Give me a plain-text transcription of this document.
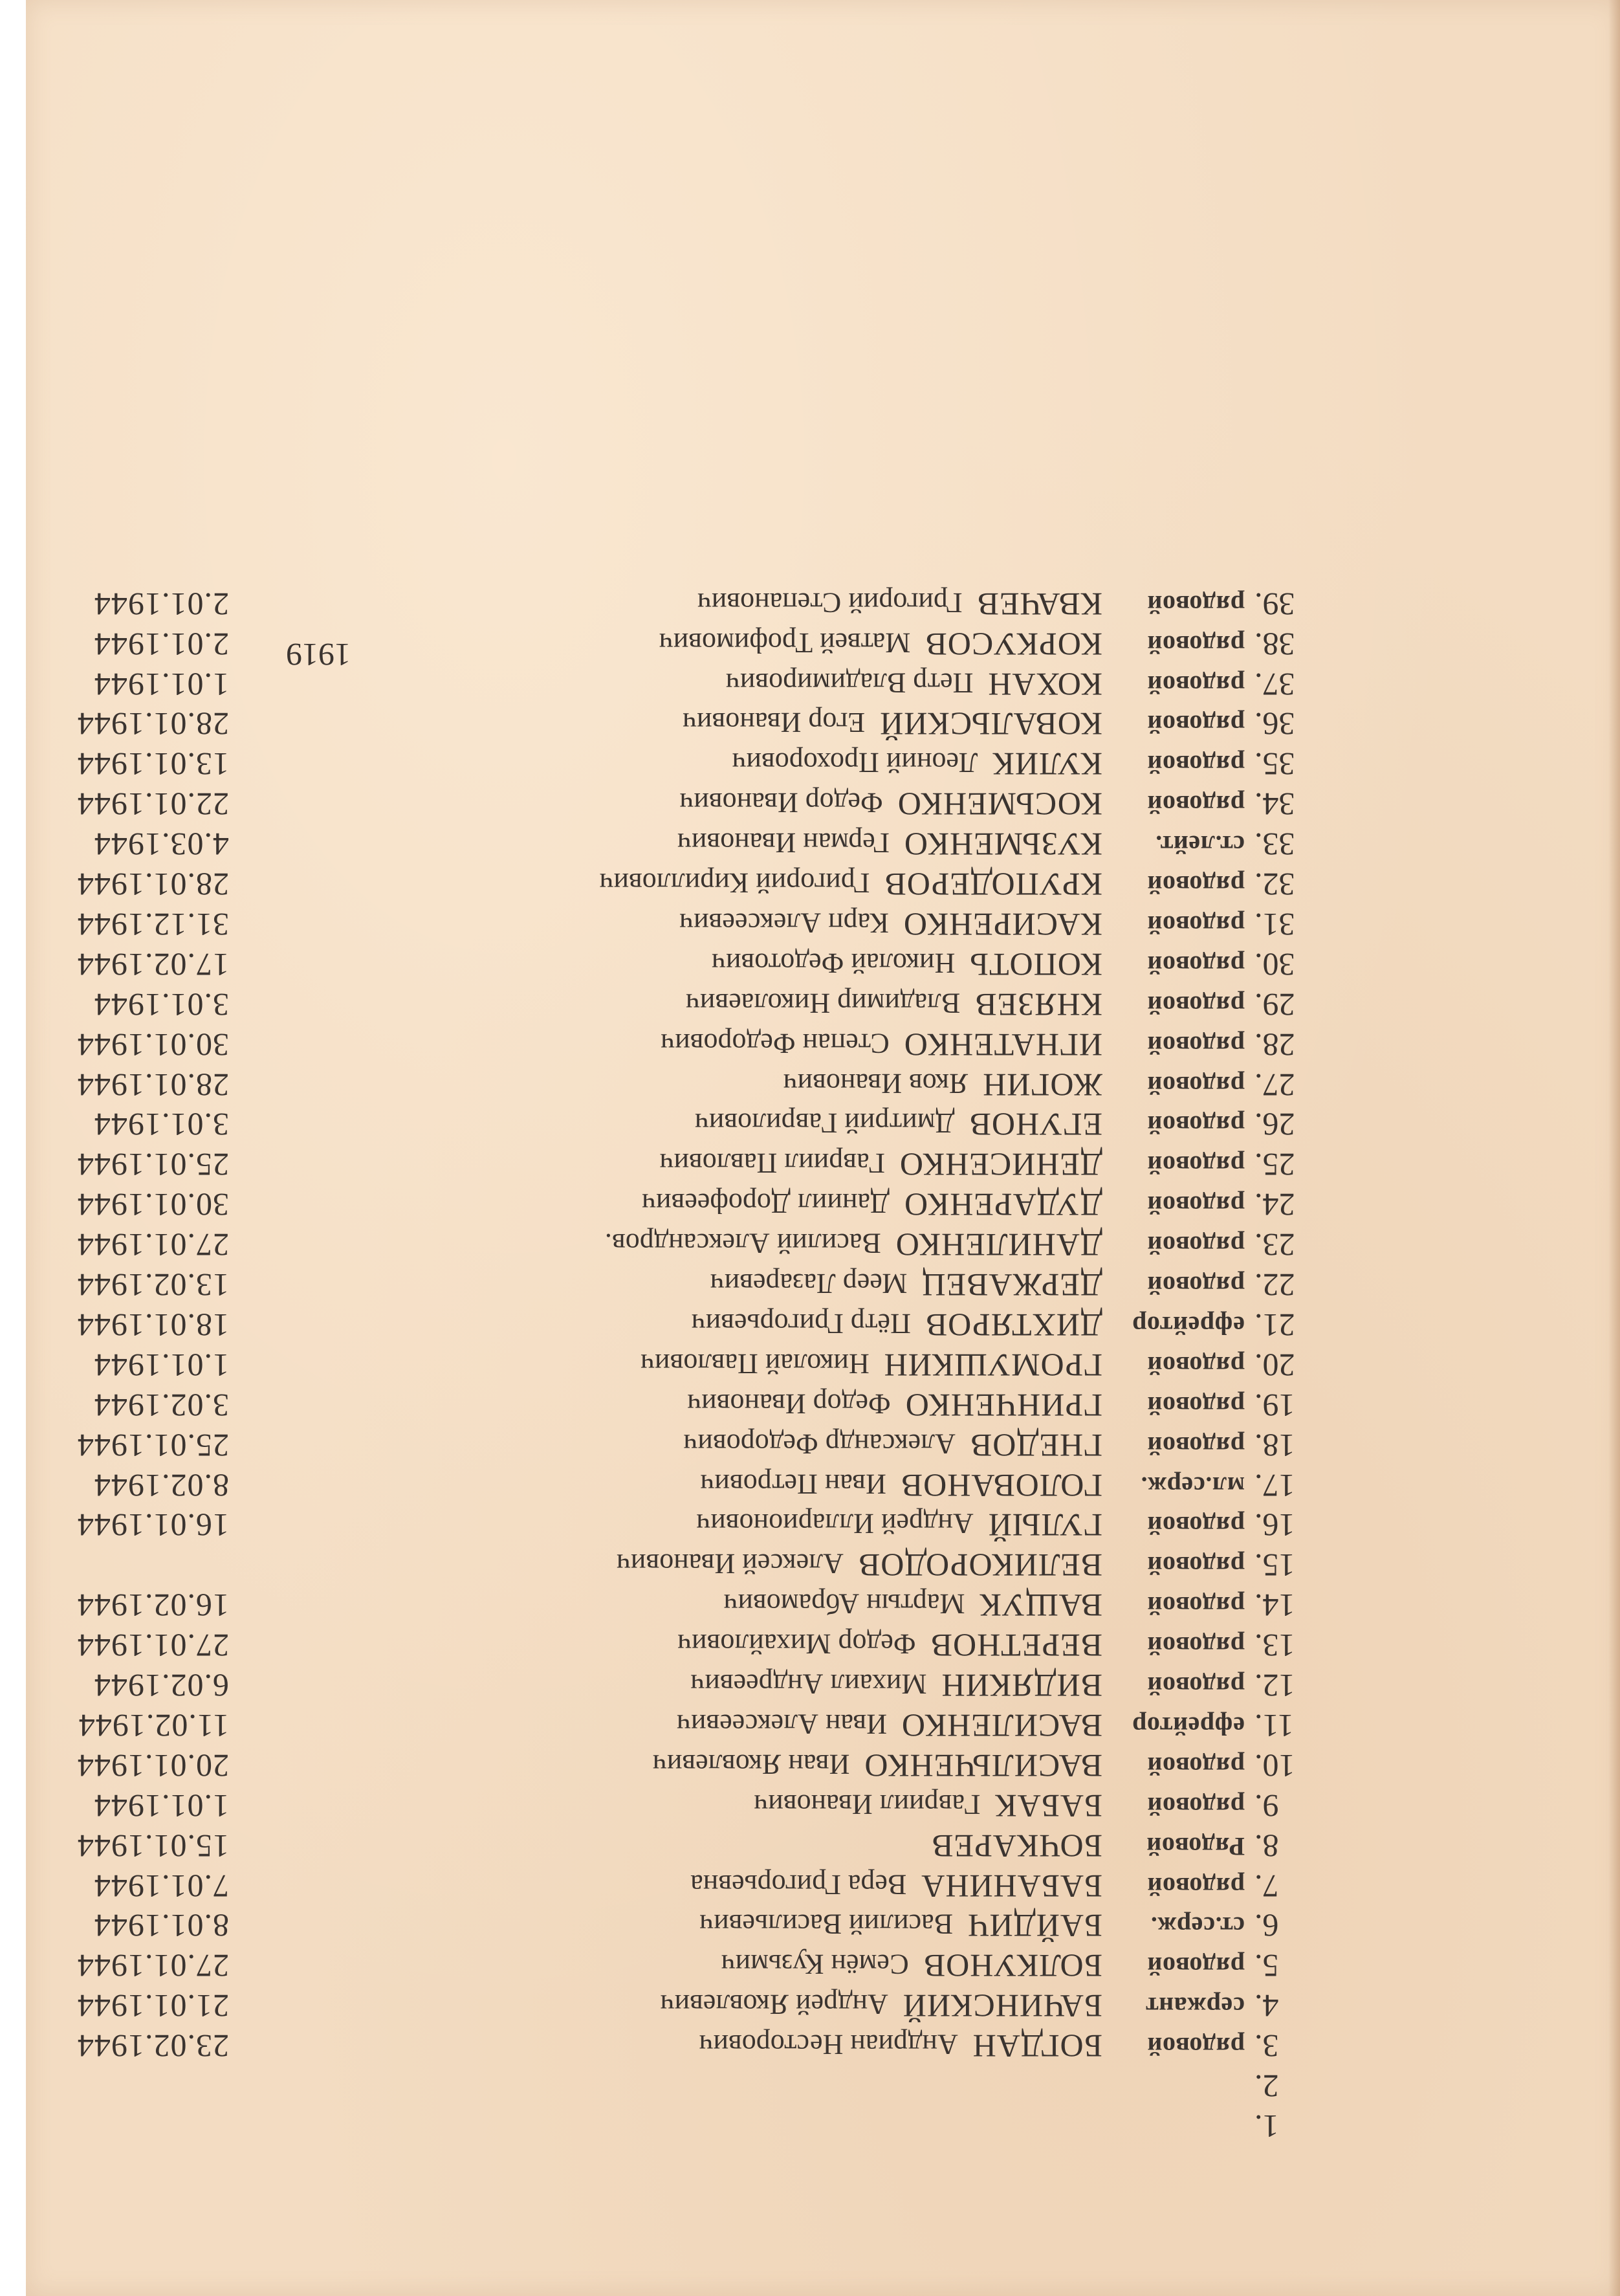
1.
2.
3.
рядовой
БОГДАНАндриан Несторович
23.02.1944
4.
сержант
БАЧИНСКИЙАндрей Яковлевич
21.01.1944
5.
рядовой
БОЛКУНОВСемён Кузьмич
27.01.1944
6.
ст.серж.
БАЙДИЧВасилий Васильевич
8.01.1944
7.
рядовой
БАБАНИНАВера Григорьевна
7.01.1944
8.
Рядовой
БОЧКАРЕВ
15.01.1944
9.
рядовой
БАБАКГавриил Иванович
1.01.1944
10.
рядовой
ВАСИЛЬЧЕНКОИван Яковлевич
20.01.1944
11.
ефрейтор
ВАСИЛЕНКОИван Алексеевич
11.02.1944
12.
рядовой
ВИДЯКИНМихаил Андреевич
6.02.1944
13.
рядовой
ВЕРЕТНОВФедор Михайлович
27.01.1944
14.
рядовой
ВАЩУКМартын Абрамович
16.02.1944
15.
рядовой
ВЕЛИКОРОДОВАлексей Иванович
16.
рядовой
ГУЛЫЙАндрей Илларионович
16.01.1944
17.
мл.серж.
ГОЛОВАНОВИван Петрович
8.02.1944
18.
рядовой
ГНЕДОВАлександр Федорович
25.01.1944
19.
рядовой
ГРИНЧЕНКОФедор Иванович
3.02.1944
20.
рядовой
ГРОМУШКИННиколай Павлович
1.01.1944
21.
ефрейтор
ДИХТЯРОВПётр Григорьевич
18.01.1944
22.
рядовой
ДЕРЖАВЕЦМеер Лазаревич
13.02.1944
23.
рядовой
ДАНИЛЕНКОВасилий Александров.
27.01.1944
24.
рядовой
ДУДАРЕНКОДаниил Дорофеевич
30.01.1944
25.
рядовой
ДЕНИСЕНКОГавриил Павлович
25.01.1944
26.
рядовой
ЕГУНОВДмитрий Гаврилович
3.01.1944
27.
рядовой
ЖОГИНЯков Иванович
28.01.1944
28.
рядовой
ИГНАТЕНКОСтепан Федорович
30.01.1944
29.
рядовой
КНЯЗЕВВладимир Николаевич
3.01.1944
30.
рядовой
КОПОТЬНиколай Федотович
17.02.1944
31.
рядовой
КАСИРЕНКОКарп Алексеевич
31.12.1944
32.
рядовой
КРУПОДЕРОВГригорий Кириллович
28.01.1944
33.
ст.лейт.
КУЗЬМЕНКОГерман Иванович
4.03.1944
34.
рядовой
КОСЬМЕНКОФедор Иванович
22.01.1944
35.
рядовой
КУЛИКЛеоний Прохорович
13.01.1944
36.
рядовой
КОВАЛЬСКИЙЕгор Иванович
28.01.1944
37.
рядовой
КОХАНПетр Владимирович
1.01.1944
38.
рядовой
КОРКУСОВМатвей Трофимович
2.01.1944
39.
рядовой
КВАЧЕВГригорий Степанович
2.01.1944
1919
